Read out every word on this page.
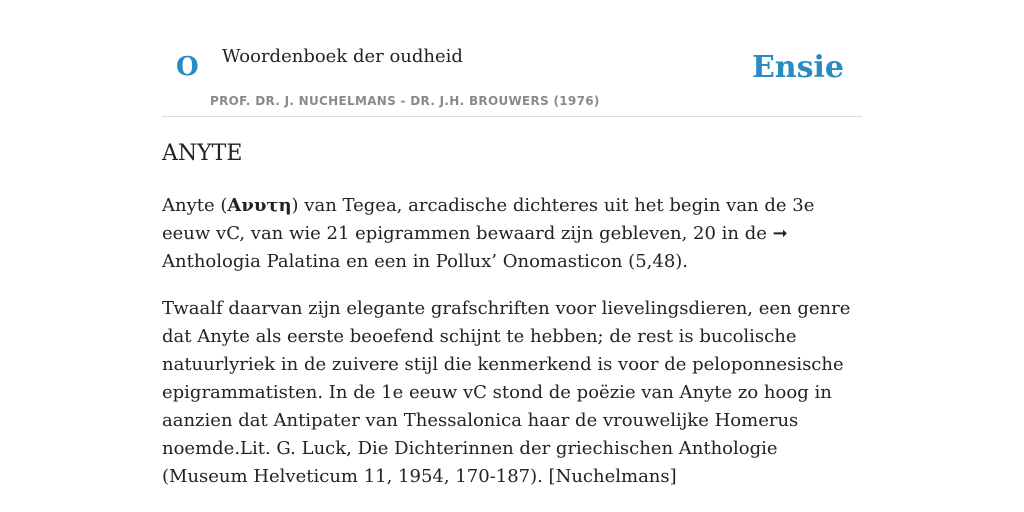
O Woordenboek der oudheid
PROF. DR. J. NUCHELMANS - DR. J.H. BROUWERS (1976)
Ensie
ANYTE

Anyte (Ανυτη) van Tegea, arcadische dichteres uit het begin van de 3e eeuw vC, van wie 21 epigrammen bewaard zijn gebleven, 20 in de ➞ Anthologia Palatina en een in Pollux’ Onomasticon (5,48).

Twaalf daarvan zijn elegante grafschriften voor lievelingsdieren, een genre dat Anyte als eerste beoefend schijnt te hebben; de rest is bucolische natuurlyriek in de zuivere stijl die kenmerkend is voor de peloponnesische epigrammatisten. In de 1e eeuw vC stond de poëzie van Anyte zo hoog in aanzien dat Antipater van Thessalonica haar de vrouwelijke Homerus noemde.Lit. G. Luck, Die Dichterinnen der griechischen Anthologie (Museum Helveticum 11, 1954, 170-187). [Nuchelmans]
